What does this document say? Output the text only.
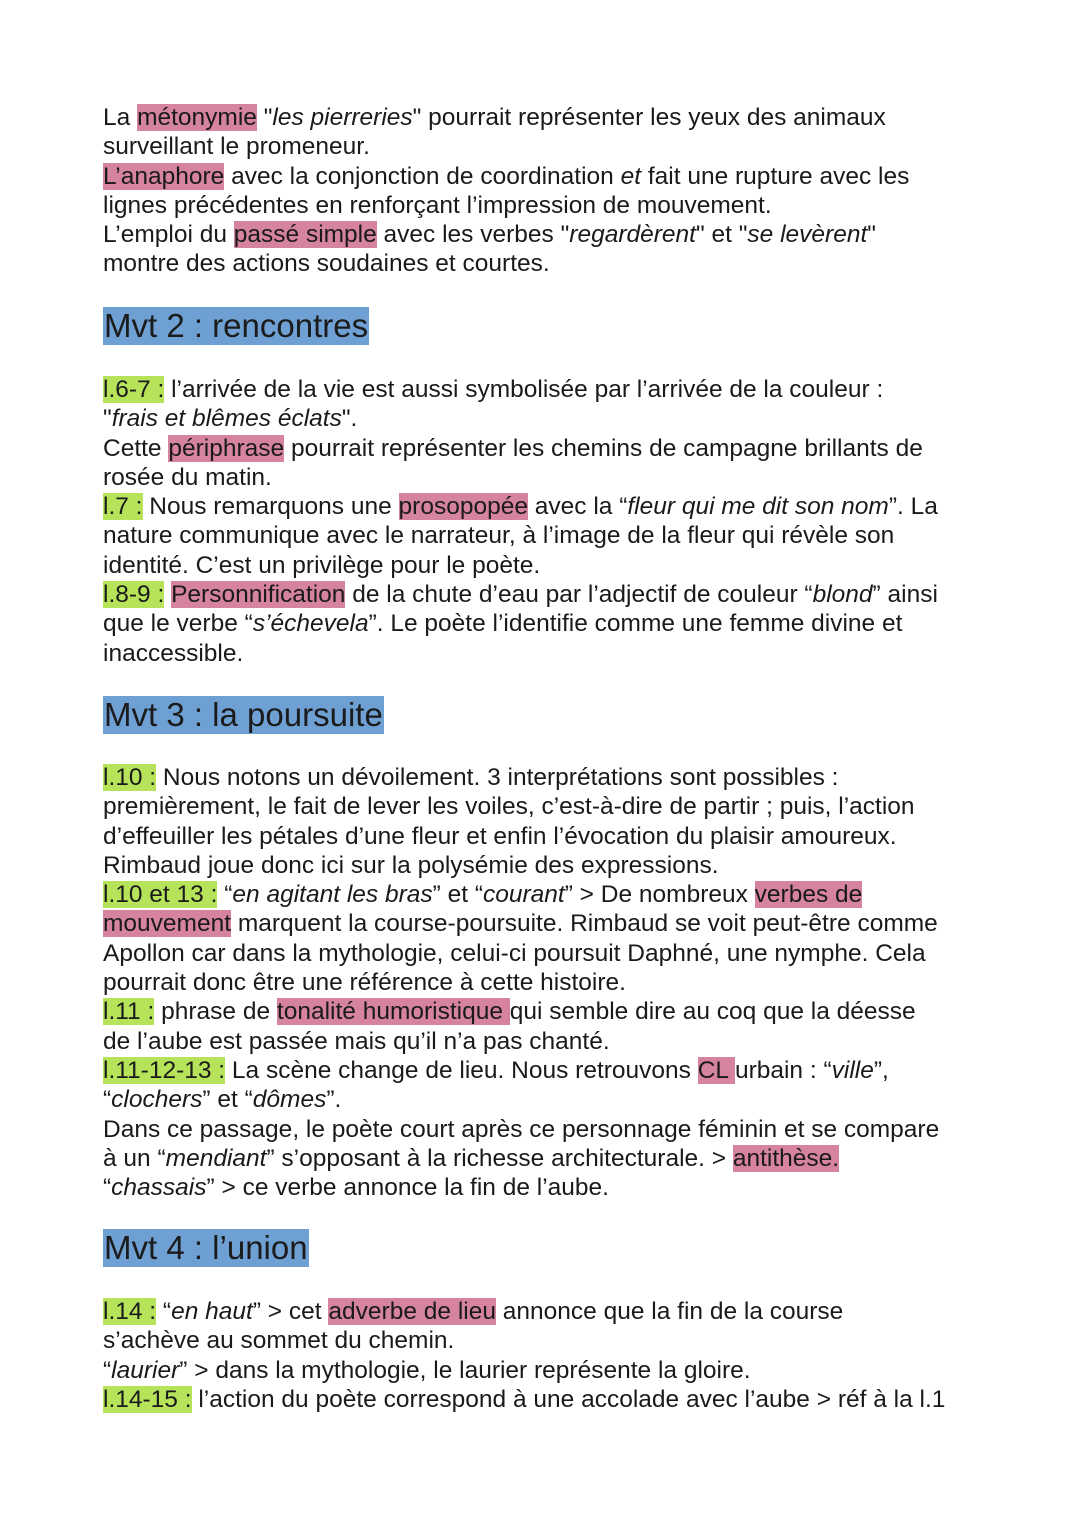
La métonymie "les pierreries" pourrait représenter les yeux des animaux
surveillant le promeneur.
L’anaphore avec la conjonction de coordination et fait une rupture avec les
lignes précédentes en renforçant l’impression de mouvement.
L’emploi du passé simple avec les verbes "regardèrent" et "se levèrent"
montre des actions soudaines et courtes.
Mvt 2 : rencontres
l.6-7 : l’arrivée de la vie est aussi symbolisée par l’arrivée de la couleur :
"frais et blêmes éclats".
Cette périphrase pourrait représenter les chemins de campagne brillants de
rosée du matin.
l.7 : Nous remarquons une prosopopée avec la “fleur qui me dit son nom”. La
nature communique avec le narrateur, à l’image de la fleur qui révèle son
identité. C’est un privilège pour le poète.
l.8-9 : Personnification de la chute d’eau par l’adjectif de couleur “blond” ainsi
que le verbe “s’échevela”. Le poète l’identifie comme une femme divine et
inaccessible.
Mvt 3 : la poursuite
l.10 : Nous notons un dévoilement. 3 interprétations sont possibles :
premièrement, le fait de lever les voiles, c’est-à-dire de partir ; puis, l’action
d’effeuiller les pétales d’une fleur et enfin l’évocation du plaisir amoureux.
Rimbaud joue donc ici sur la polysémie des expressions.
l.10 et 13 : “en agitant les bras” et “courant” > De nombreux verbes de
mouvement marquent la course-poursuite. Rimbaud se voit peut-être comme
Apollon car dans la mythologie, celui-ci poursuit Daphné, une nymphe. Cela
pourrait donc être une référence à cette histoire.
l.11 : phrase de tonalité humoristique qui semble dire au coq que la déesse
de l’aube est passée mais qu’il n’a pas chanté.
l.11-12-13 : La scène change de lieu. Nous retrouvons CL urbain : “ville”,
“clochers” et “dômes”.
Dans ce passage, le poète court après ce personnage féminin et se compare
à un “mendiant” s’opposant à la richesse architecturale. > antithèse.
“chassais” > ce verbe annonce la fin de l’aube.
Mvt 4 : l’union
l.14 : “en haut” > cet adverbe de lieu annonce que la fin de la course
s’achève au sommet du chemin.
“laurier” > dans la mythologie, le laurier représente la gloire.
l.14-15 : l’action du poète correspond à une accolade avec l’aube > réf à la l.1
